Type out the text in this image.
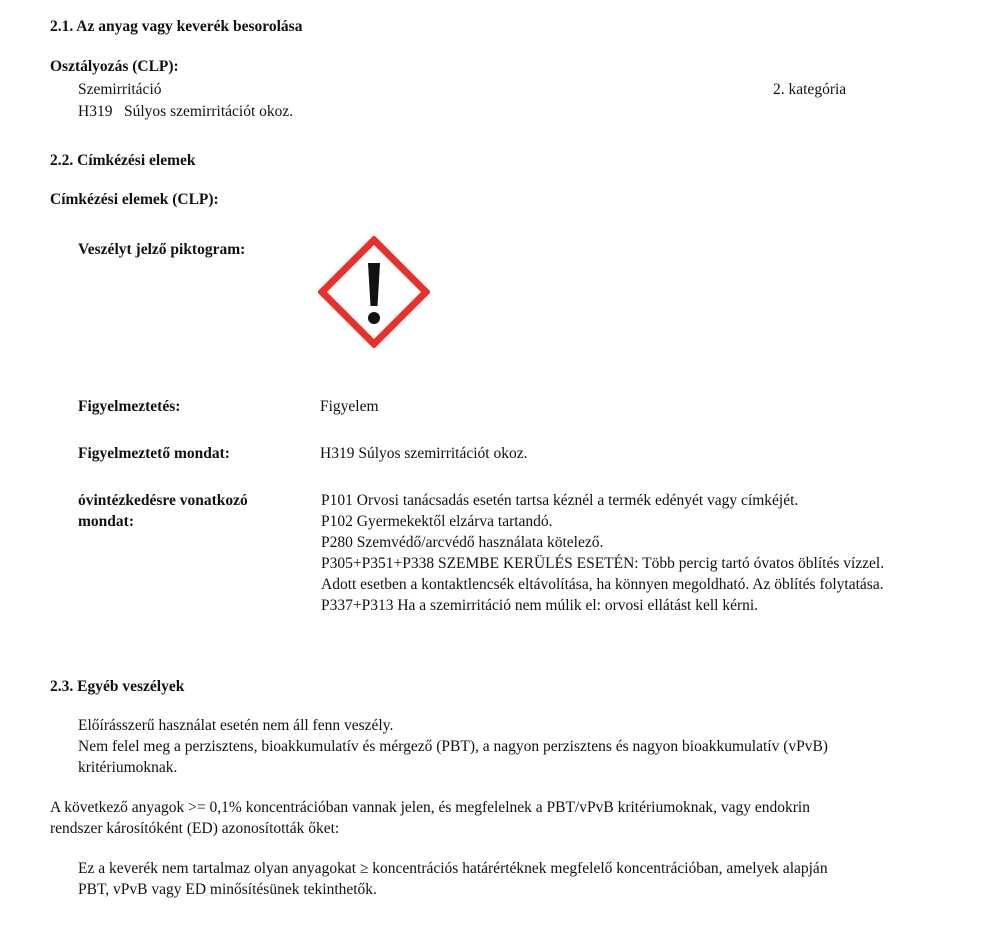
2.1. Az anyag vagy keverék besorolása
Osztályozás (CLP):
Szemirritáció	2. kategória
H319 Súlyos szemirritációt okoz.
2.2. Címkézési elemek
Címkézési elemek (CLP):
Veszélyt jelző piktogram:
Figyelmeztetés:	Figyelem
Figyelmeztető mondat:	H319 Súlyos szemirritációt okoz.
óvintézkedésre vonatkozó
mondat:
P101 Orvosi tanácsadás esetén tartsa kéznél a termék edényét vagy címkéjét.
P102 Gyermekektől elzárva tartandó.
P280 Szemvédő/arcvédő használata kötelező.
P305+P351+P338 SZEMBE KERÜLÉS ESETÉN: Több percig tartó óvatos öblítés vízzel.
Adott esetben a kontaktlencsék eltávolítása, ha könnyen megoldható. Az öblítés folytatása.
P337+P313 Ha a szemirritáció nem múlik el: orvosi ellátást kell kérni.
2.3. Egyéb veszélyek
Előírásszerű használat esetén nem áll fenn veszély.
Nem felel meg a perzisztens, bioakkumulatív és mérgező (PBT), a nagyon perzisztens és nagyon bioakkumulatív (vPvB)
kritériumoknak.
A következő anyagok >= 0,1% koncentrációban vannak jelen, és megfelelnek a PBT/vPvB kritériumoknak, vagy endokrin
rendszer károsítóként (ED) azonosították őket:
Ez a keverék nem tartalmaz olyan anyagokat ≥ koncentrációs határértéknek megfelelő koncentrációban, amelyek alapján
PBT, vPvB vagy ED minősítésünek tekinthetők.
